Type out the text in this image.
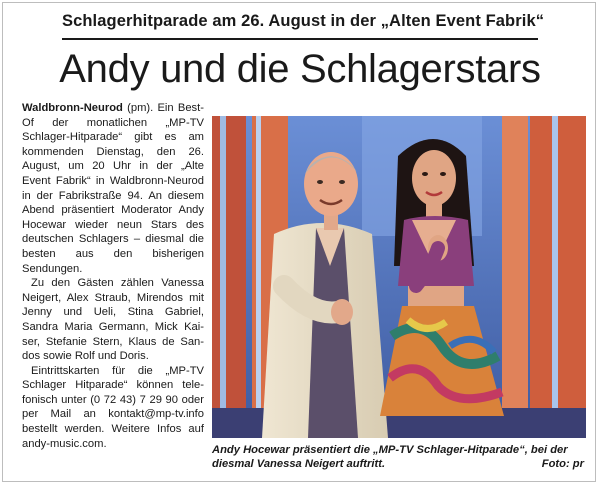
Schlagerhitparade am 26. August in der „Alten Event Fabrik“
Andy und die Schlagerstars

Waldbronn-Neurod (pm). Ein Best-Of der monatlichen „MP-TV Schlager-Hitparade“ gibt es am kommenden Dienstag, den 26. August, um 20 Uhr in der „Alte Event Fabrik“ in Waldbronn-Neurod in der Fabrikstraße 94. An diesem Abend präsentiert Moderator Andy Hocewar wieder neun Stars des deutschen Schlagers – diesmal die besten aus den bisherigen Sendungen.

Zu den Gästen zählen Vanessa Neigert, Alex Straub, Mirendos mit Jenny und Ueli, Stina Gabriel, Sandra Maria Germann, Mick Kaiser, Stefanie Stern, Klaus de Sandos sowie Rolf und Doris.

Eintrittskarten für die „MP-TV Schlager Hitparade“ können telefonisch unter (0 72 43) 7 29 90 oder per Mail an kontakt@mp-tv.info bestellt werden. Weitere Infos auf andy-music.com.

Andy Hocewar präsentiert die „MP-TV Schlager-Hitparade“, bei der diesmal Vanessa Neigert auftritt.	Foto: pr
